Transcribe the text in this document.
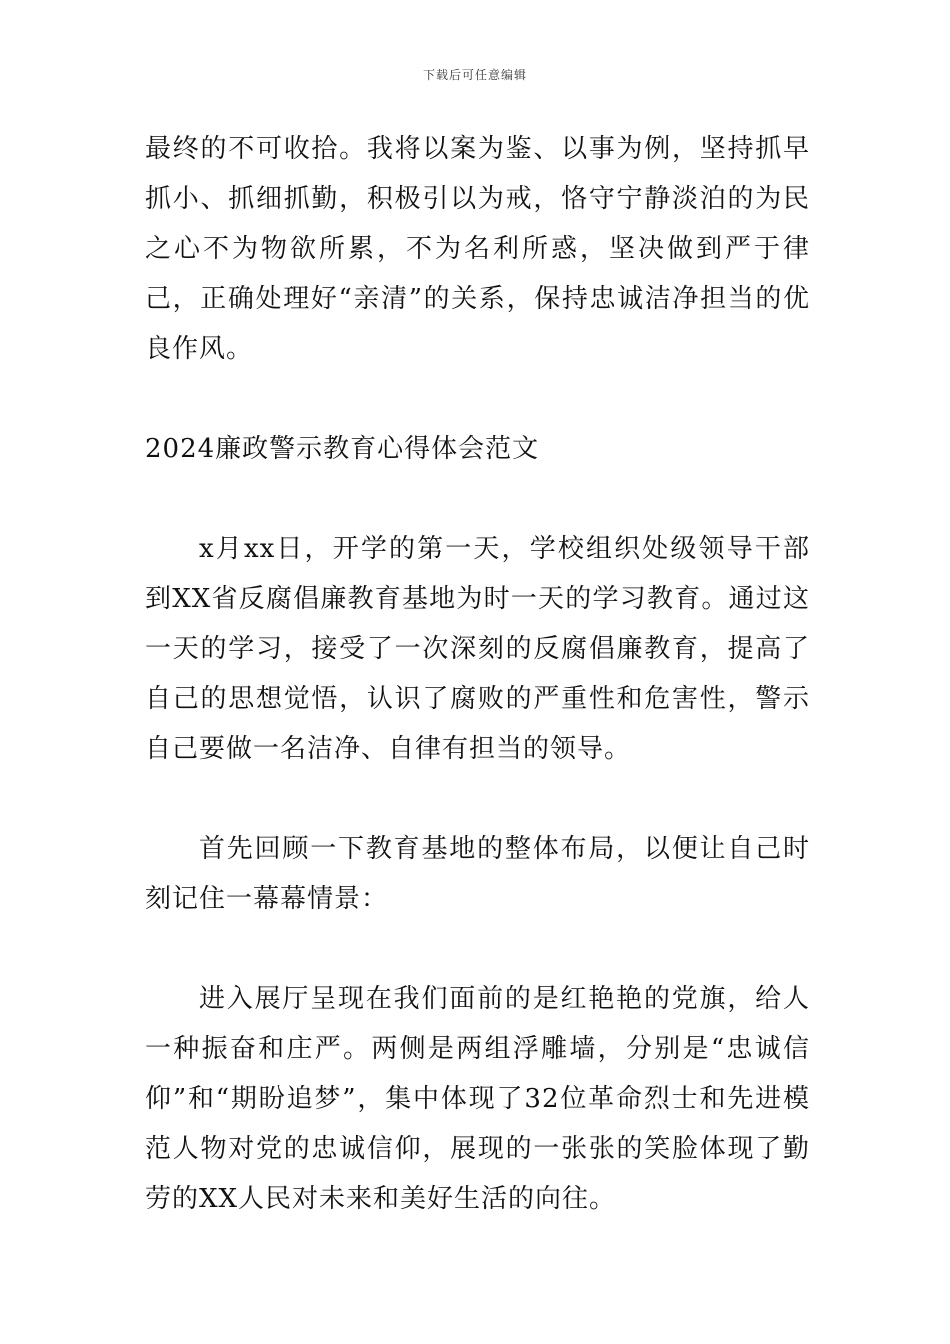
下载后可任意编辑

最终的不可收拾。我将以案为鉴、以事为例，坚持抓早抓小、抓细抓勤，积极引以为戒，恪守宁静淡泊的为民之心不为物欲所累，不为名利所惑，坚决做到严于律己，正确处理好“亲清”的关系，保持忠诚洁净担当的优良作风。

2024廉政警示教育心得体会范文

x月xx日，开学的第一天，学校组织处级领导干部到XX省反腐倡廉教育基地为时一天的学习教育。通过这一天的学习，接受了一次深刻的反腐倡廉教育，提高了自己的思想觉悟，认识了腐败的严重性和危害性，警示自己要做一名洁净、自律有担当的领导。

首先回顾一下教育基地的整体布局，以便让自己时刻记住一幕幕情景：

进入展厅呈现在我们面前的是红艳艳的党旗，给人一种振奋和庄严。两侧是两组浮雕墙，分别是“忠诚信仰”和“期盼追梦”，集中体现了32位革命烈士和先进模范人物对党的忠诚信仰，展现的一张张的笑脸体现了勤劳的XX人民对未来和美好生活的向往。
